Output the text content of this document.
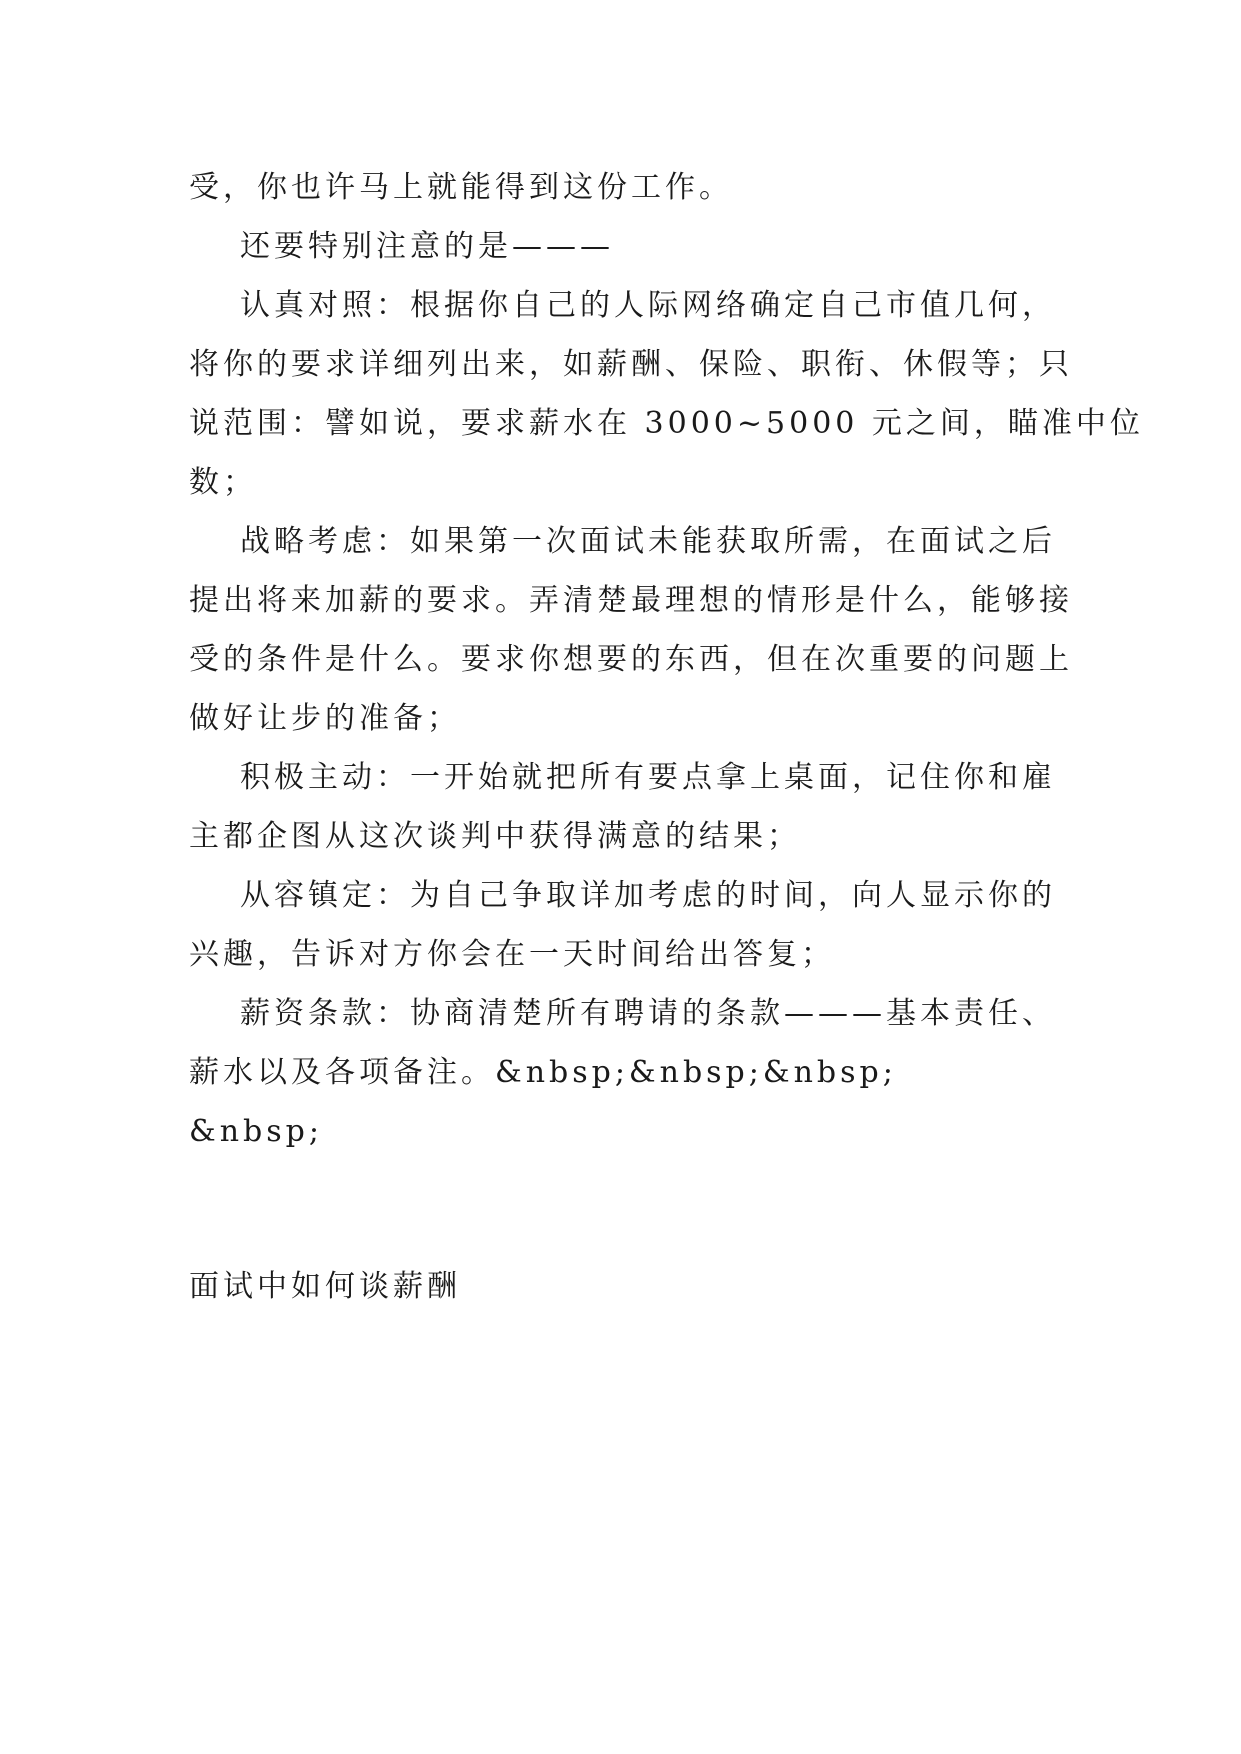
受，你也许马上就能得到这份工作。
还要特别注意的是———
认真对照：根据你自己的人际网络确定自己市值几何，
将你的要求详细列出来，如薪酬、保险、职衔、休假等；只
说范围：譬如说，要求薪水在 3000~5000 元之间，瞄准中位
数；
战略考虑：如果第一次面试未能获取所需，在面试之后
提出将来加薪的要求。弄清楚最理想的情形是什么，能够接
受的条件是什么。要求你想要的东西，但在次重要的问题上
做好让步的准备；
积极主动：一开始就把所有要点拿上桌面，记住你和雇
主都企图从这次谈判中获得满意的结果；
从容镇定：为自己争取详加考虑的时间，向人显示你的
兴趣，告诉对方你会在一天时间给出答复；
薪资条款：协商清楚所有聘请的条款———基本责任、
薪水以及各项备注。&nbsp;&nbsp;&nbsp;
&nbsp;
面试中如何谈薪酬
